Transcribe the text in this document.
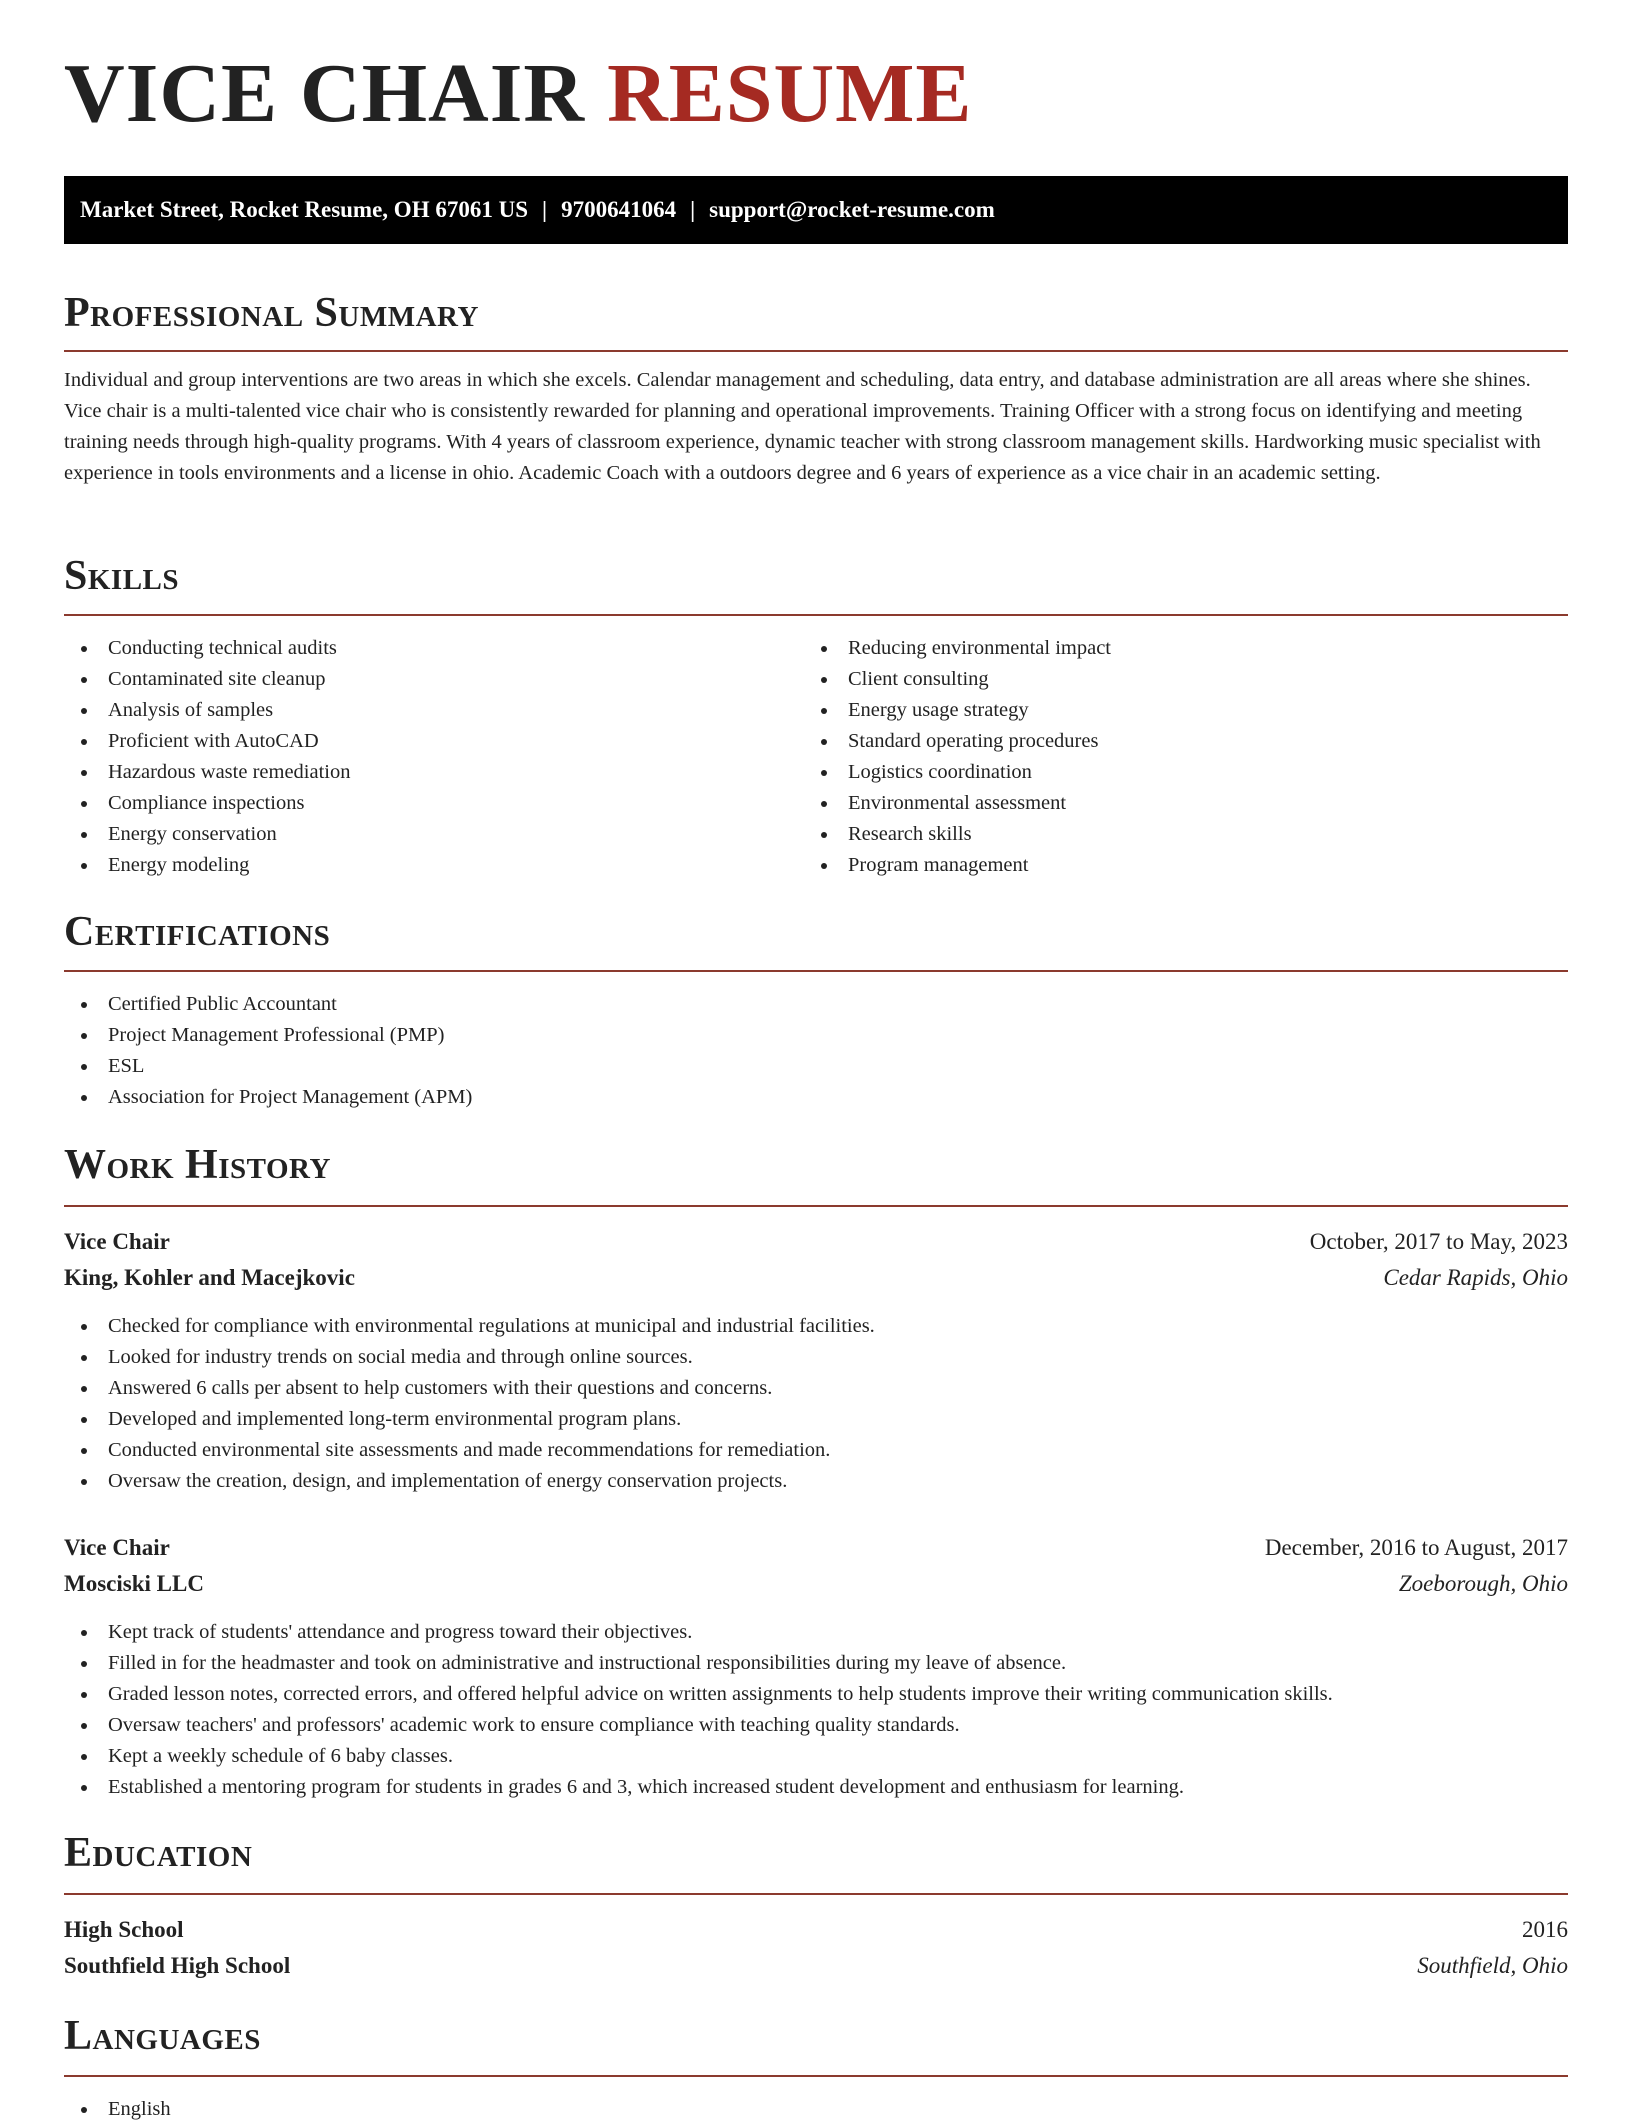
VICE CHAIR RESUME
Market Street, Rocket Resume, OH 67061 US | 9700641064 | support@rocket-resume.com
Professional Summary

Individual and group interventions are two areas in which she excels. Calendar management and scheduling, data entry, and database administration are all areas where she shines. Vice chair is a multi-talented vice chair who is consistently rewarded for planning and operational improvements. Training Officer with a strong focus on identifying and meeting training needs through high-quality programs. With 4 years of classroom experience, dynamic teacher with strong classroom management skills. Hardworking music specialist with experience in tools environments and a license in ohio. Academic Coach with a outdoors degree and 6 years of experience as a vice chair in an academic setting.

Skills
Conducting technical audits
Contaminated site cleanup
Analysis of samples
Proficient with AutoCAD
Hazardous waste remediation
Compliance inspections
Energy conservation
Energy modeling
Reducing environmental impact
Client consulting
Energy usage strategy
Standard operating procedures
Logistics coordination
Environmental assessment
Research skills
Program management
Certifications
Certified Public Accountant
Project Management Professional (PMP)
ESL
Association for Project Management (APM)
Work History
Vice Chair	October, 2017 to May, 2023
King, Kohler and Macejkovic	Cedar Rapids, Ohio
Checked for compliance with environmental regulations at municipal and industrial facilities.
Looked for industry trends on social media and through online sources.
Answered 6 calls per absent to help customers with their questions and concerns.
Developed and implemented long-term environmental program plans.
Conducted environmental site assessments and made recommendations for remediation.
Oversaw the creation, design, and implementation of energy conservation projects.
Vice Chair	December, 2016 to August, 2017
Mosciski LLC	Zoeborough, Ohio
Kept track of students' attendance and progress toward their objectives.
Filled in for the headmaster and took on administrative and instructional responsibilities during my leave of absence.
Graded lesson notes, corrected errors, and offered helpful advice on written assignments to help students improve their writing communication skills.
Oversaw teachers' and professors' academic work to ensure compliance with teaching quality standards.
Kept a weekly schedule of 6 baby classes.
Established a mentoring program for students in grades 6 and 3, which increased student development and enthusiasm for learning.
Education
High School	2016
Southfield High School	Southfield, Ohio
Languages
English
